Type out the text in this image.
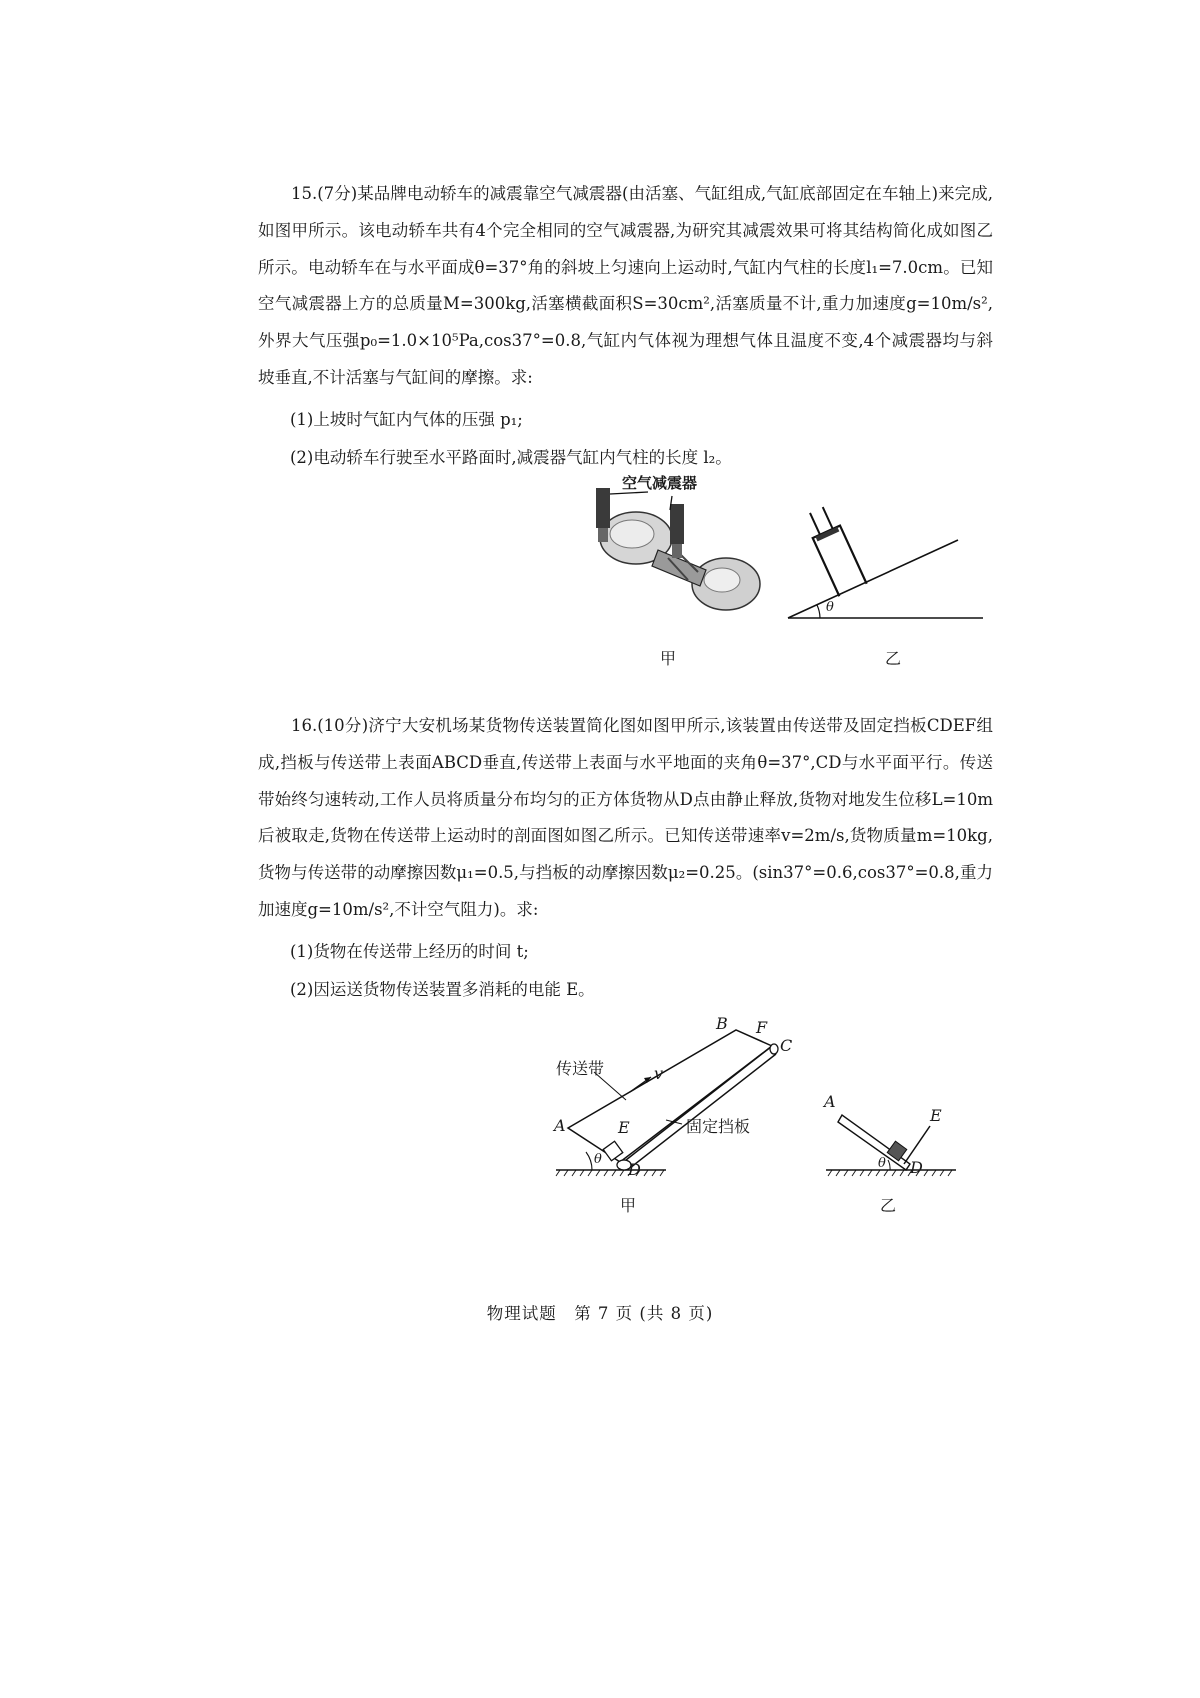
15.(7分)某品牌电动轿车的减震靠空气减震器(由活塞、气缸组成,气缸底部固定在车轴上)来完成,如图甲所示。该电动轿车共有4个完全相同的空气减震器,为研究其减震效果可将其结构简化成如图乙所示。电动轿车在与水平面成θ=37°角的斜坡上匀速向上运动时,气缸内气柱的长度l₁=7.0cm。已知空气减震器上方的总质量M=300kg,活塞横截面积S=30cm²,活塞质量不计,重力加速度g=10m/s²,外界大气压强p₀=1.0×10⁵Pa,cos37°=0.8,气缸内气体视为理想气体且温度不变,4个减震器均与斜坡垂直,不计活塞与气缸间的摩擦。求:

(1)上坡时气缸内气体的压强 p₁;

(2)电动轿车行驶至水平路面时,减震器气缸内气柱的长度 l₂。

空气减震器
甲
θ
乙

16.(10分)济宁大安机场某货物传送装置简化图如图甲所示,该装置由传送带及固定挡板CDEF组成,挡板与传送带上表面ABCD垂直,传送带上表面与水平地面的夹角θ=37°,CD与水平面平行。传送带始终匀速转动,工作人员将质量分布均匀的正方体货物从D点由静止释放,货物对地发生位移L=10m后被取走,货物在传送带上运动时的剖面图如图乙所示。已知传送带速率v=2m/s,货物质量m=10kg,货物与传送带的动摩擦因数μ₁=0.5,与挡板的动摩擦因数μ₂=0.25。(sin37°=0.6,cos37°=0.8,重力加速度g=10m/s²,不计空气阻力)。求:

(1)货物在传送带上经历的时间 t;

(2)因运送货物传送装置多消耗的电能 E。

A
B F
C
D
E
v
θ
传送带
固定挡板
甲
A
E
D
θ
乙
物理试题　第 7 页 (共 8 页)
